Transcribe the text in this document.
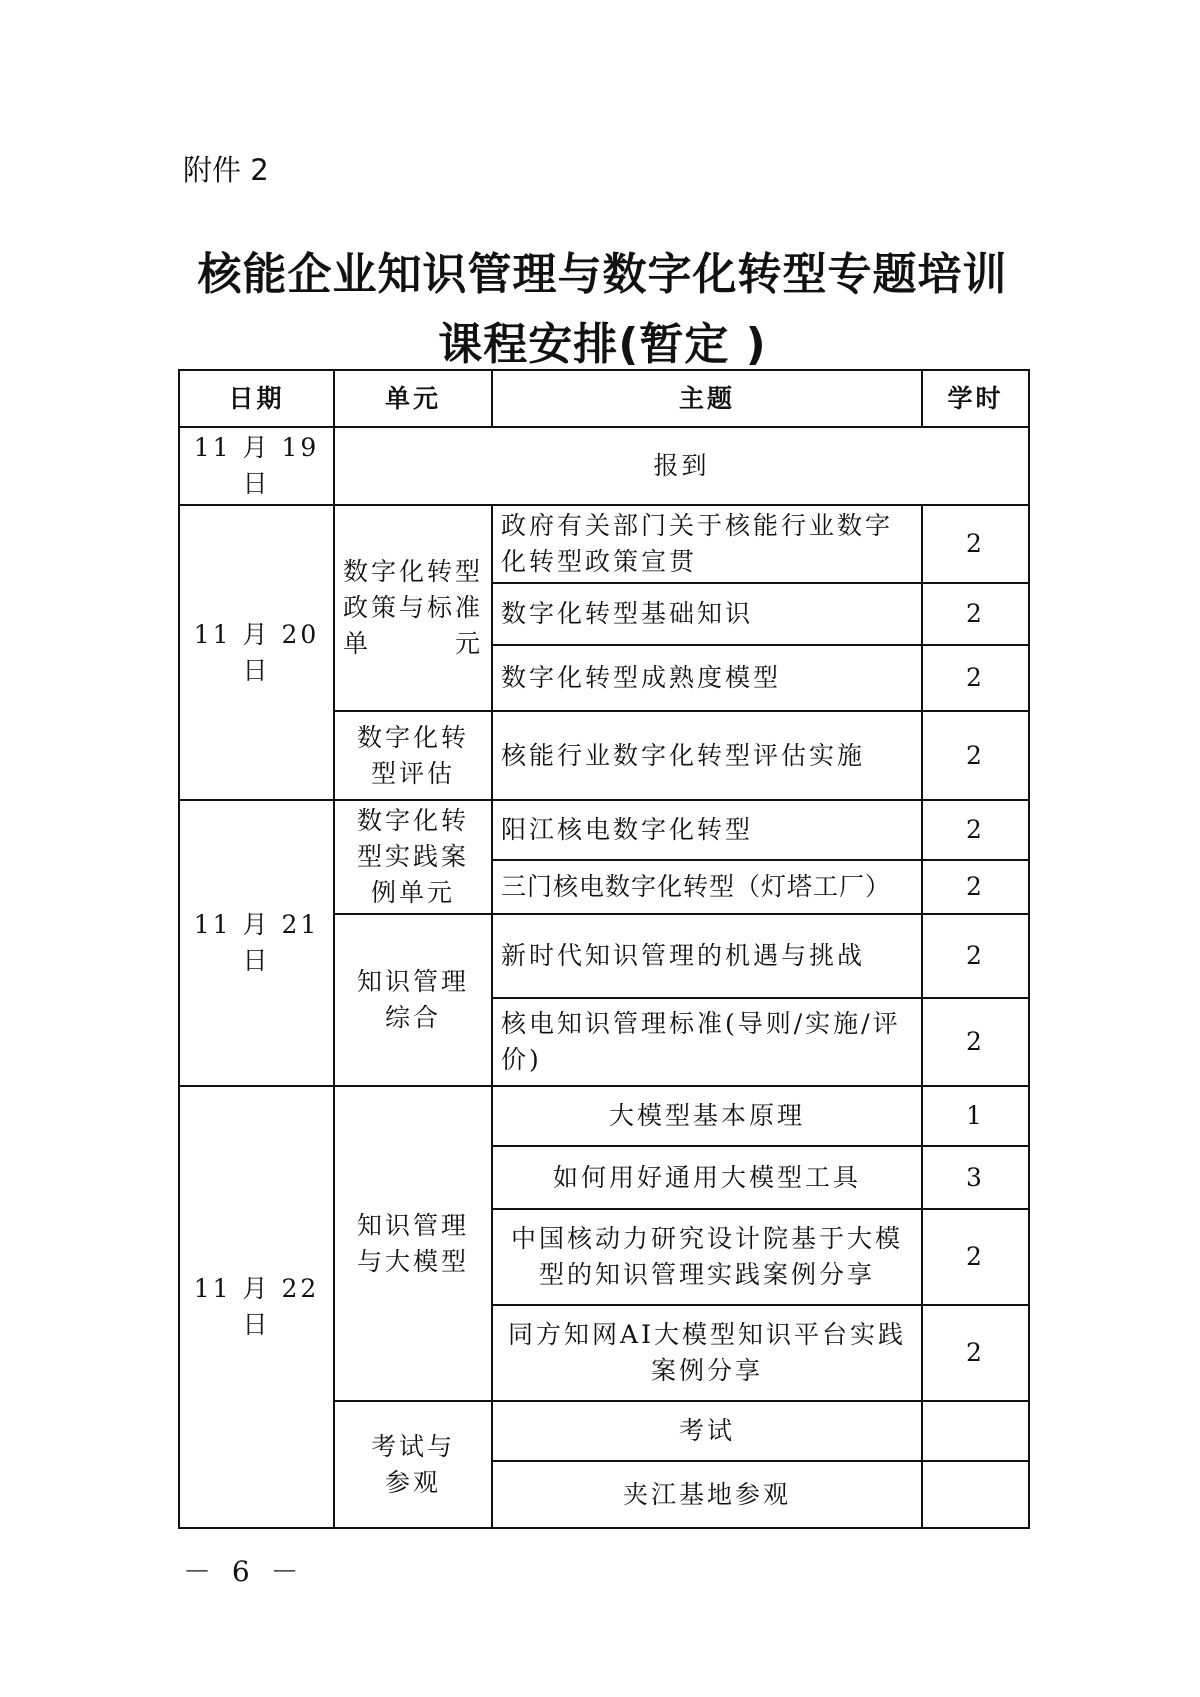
附件 2
核能企业知识管理与数字化转型专题培训
课程安排(暂定 )
日期	单元	主题	学时
11 月 19 日	报到		
11 月 20 日	数字化转型政策与标准单元	政府有关部门关于核能行业数字化转型政策宣贯	2
		数字化转型基础知识	2
		数字化转型成熟度模型	2
	数字化转型评估	核能行业数字化转型评估实施	2
11 月 21 日	数字化转型实践案例单元	阳江核电数字化转型	2
		三门核电数字化转型（灯塔工厂）	2
	知识管理综合	新时代知识管理的机遇与挑战	2
		核电知识管理标准(导则/实施/评价)	2
11 月 22 日	知识管理与大模型	大模型基本原理	1
		如何用好通用大模型工具	3
		中国核动力研究设计院基于大模型的知识管理实践案例分享	2
		同方知网AI大模型知识平台实践案例分享	2
	考试与参观	考试	
		夹江基地参观	
－ 6 －
